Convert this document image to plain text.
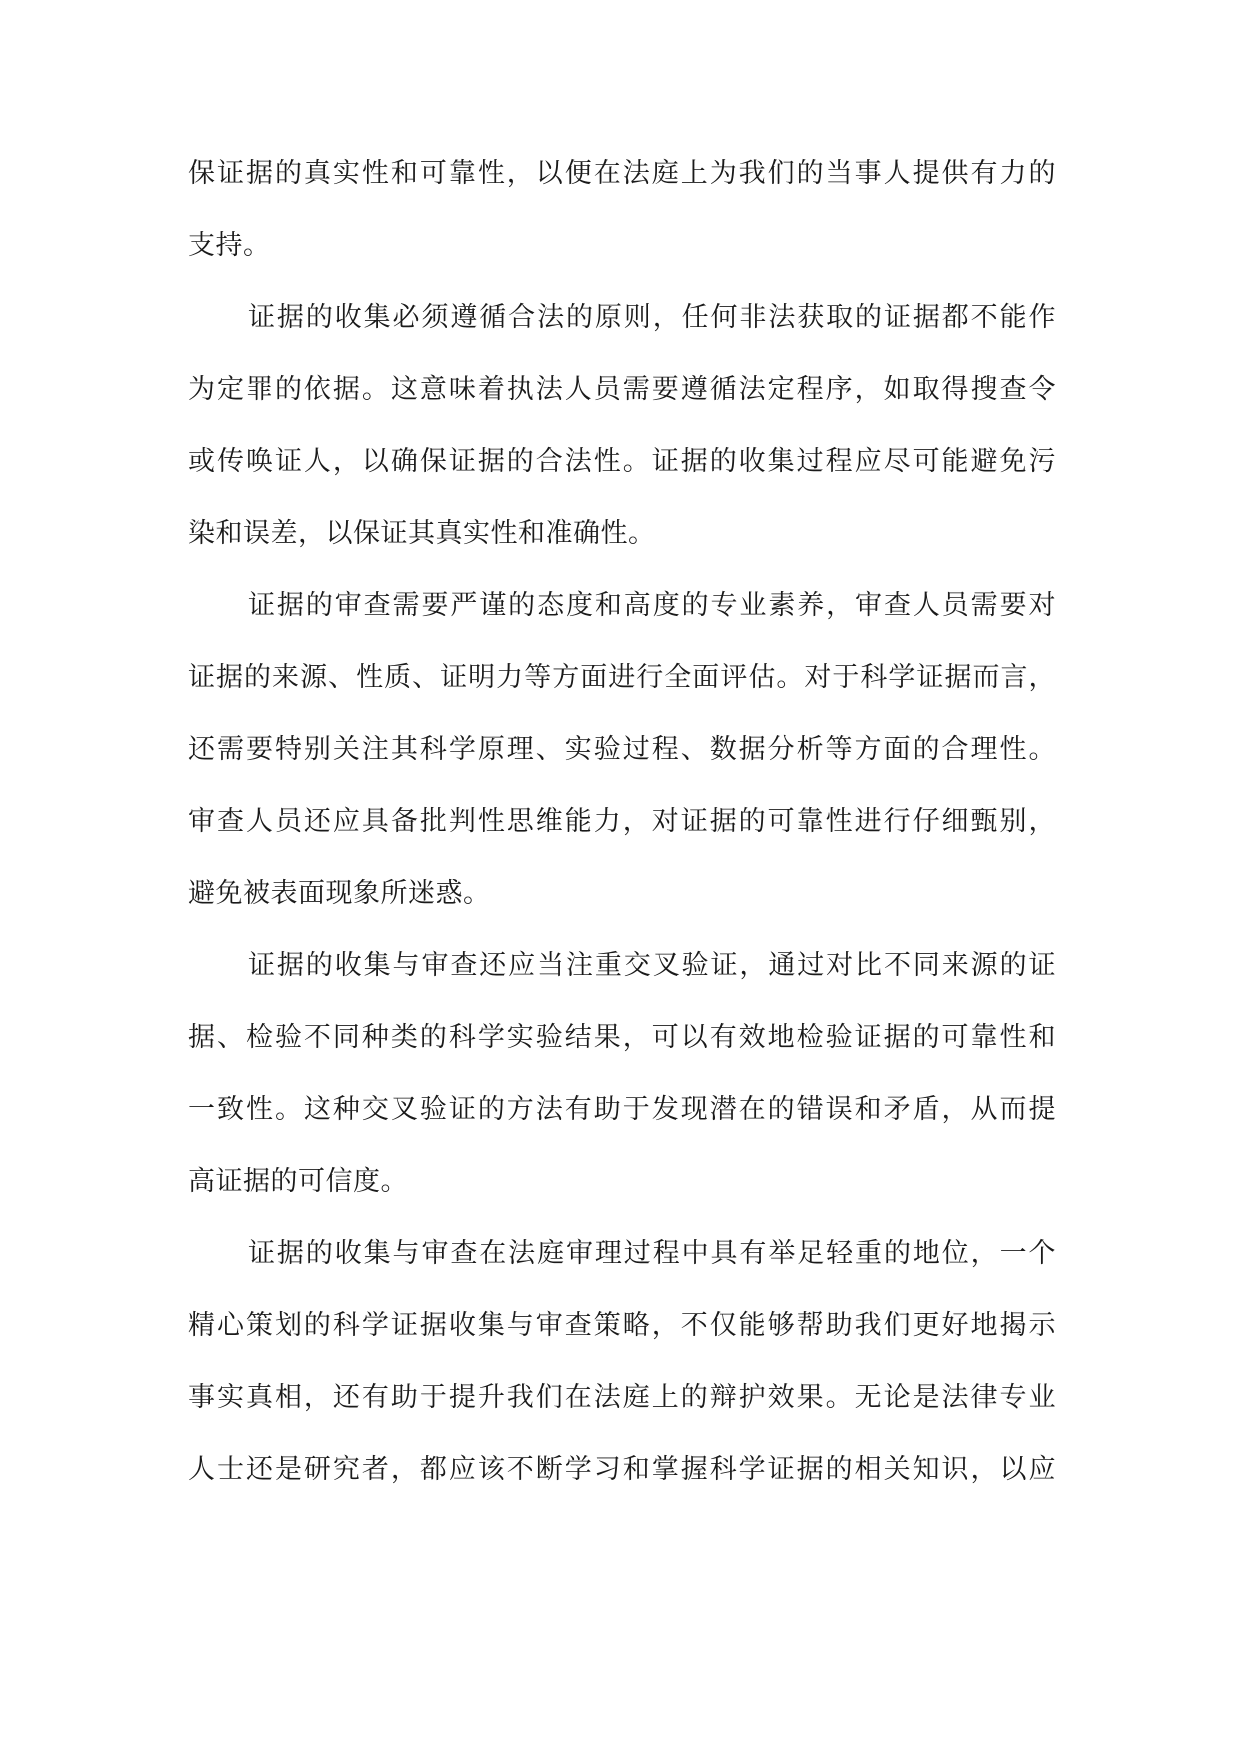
保证据的真实性和可靠性，以便在法庭上为我们的当事人提供有力的
支持。
证据的收集必须遵循合法的原则，任何非法获取的证据都不能作
为定罪的依据。这意味着执法人员需要遵循法定程序，如取得搜查令
或传唤证人，以确保证据的合法性。证据的收集过程应尽可能避免污
染和误差，以保证其真实性和准确性。
证据的审查需要严谨的态度和高度的专业素养，审查人员需要对
证据的来源、性质、证明力等方面进行全面评估。对于科学证据而言，
还需要特别关注其科学原理、实验过程、数据分析等方面的合理性。
审查人员还应具备批判性思维能力，对证据的可靠性进行仔细甄别，
避免被表面现象所迷惑。
证据的收集与审查还应当注重交叉验证，通过对比不同来源的证
据、检验不同种类的科学实验结果，可以有效地检验证据的可靠性和
一致性。这种交叉验证的方法有助于发现潜在的错误和矛盾，从而提
高证据的可信度。
证据的收集与审查在法庭审理过程中具有举足轻重的地位，一个
精心策划的科学证据收集与审查策略，不仅能够帮助我们更好地揭示
事实真相，还有助于提升我们在法庭上的辩护效果。无论是法律专业
人士还是研究者，都应该不断学习和掌握科学证据的相关知识，以应
